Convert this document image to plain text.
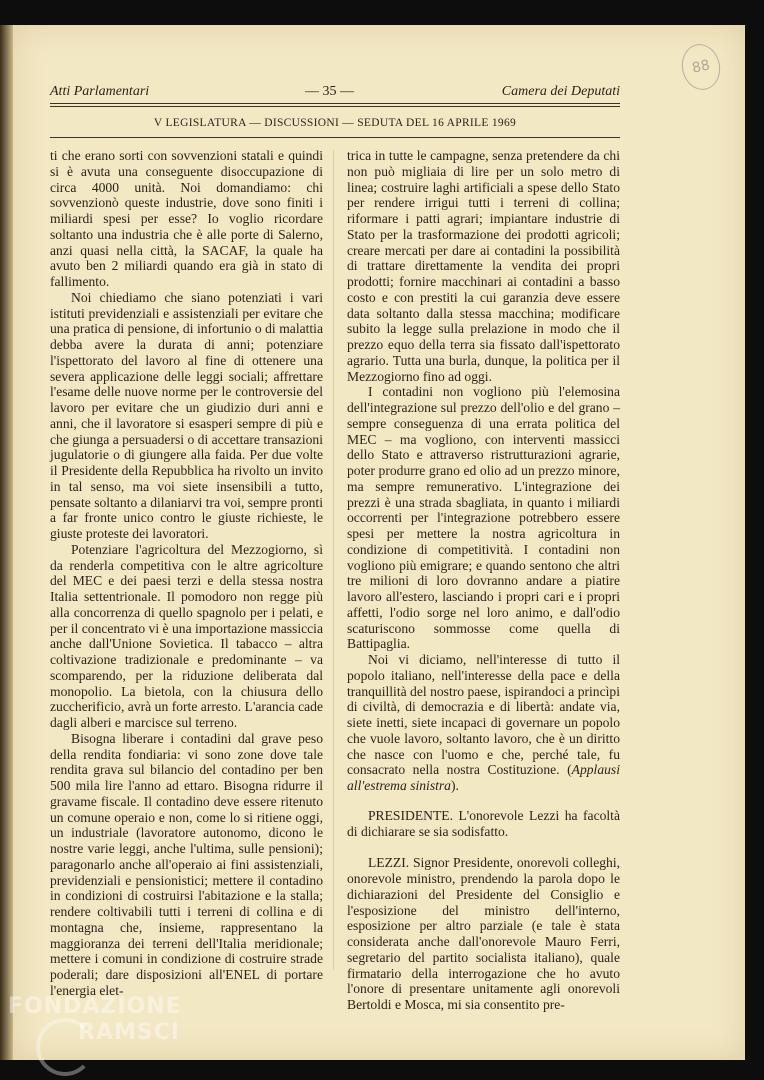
88
Atti Parlamentari	— 35 —	Camera dei Deputati
V LEGISLATURA — DISCUSSIONI — SEDUTA DEL 16 APRILE 1969

ti che erano sorti con sovvenzioni statali e quindi si è avuta una conseguente disoccupazione di circa 4000 unità. Noi domandiamo: chi sovvenzionò queste industrie, dove sono finiti i miliardi spesi per esse? Io voglio ricordare soltanto una industria che è alle porte di Salerno, anzi quasi nella città, la SACAF, la quale ha avuto ben 2 miliardi quando era già in stato di fallimento.

Noi chiediamo che siano potenziati i vari istituti previdenziali e assistenziali per evitare che una pratica di pensione, di infortunio o di malattia debba avere la durata di anni; potenziare l'ispettorato del lavoro al fine di ottenere una severa applicazione delle leggi sociali; affrettare l'esame delle nuove norme per le controversie del lavoro per evitare che un giudizio duri anni e anni, che il lavoratore si esasperi sempre di più e che giunga a persuadersi o di accettare transazioni jugulatorie o di giungere alla faida. Per due volte il Presidente della Repubblica ha rivolto un invito in tal senso, ma voi siete insensibili a tutto, pensate soltanto a dilaniarvi tra voi, sempre pronti a far fronte unico contro le giuste richieste, le giuste proteste dei lavoratori.

Potenziare l'agricoltura del Mezzogiorno, sì da renderla competitiva con le altre agricolture del MEC e dei paesi terzi e della stessa nostra Italia settentrionale. Il pomodoro non regge più alla concorrenza di quello spagnolo per i pelati, e per il concentrato vi è una importazione massiccia anche dall'Unione Sovietica. Il tabacco – altra coltivazione tradizionale e predominante – va scomparendo, per la riduzione deliberata dal monopolio. La bietola, con la chiusura dello zuccherificio, avrà un forte arresto. L'arancia cade dagli alberi e marcisce sul terreno.

Bisogna liberare i contadini dal grave peso della rendita fondiaria: vi sono zone dove tale rendita grava sul bilancio del contadino per ben 500 mila lire l'anno ad ettaro. Bisogna ridurre il gravame fiscale. Il contadino deve essere ritenuto un comune operaio e non, come lo si ritiene oggi, un industriale (lavoratore autonomo, dicono le nostre varie leggi, anche l'ultima, sulle pensioni); paragonarlo anche all'operaio ai fini assistenziali, previdenziali e pensionistici; mettere il contadino in condizioni di costruirsi l'abitazione e la stalla; rendere coltivabili tutti i terreni di collina e di montagna che, insieme, rappresentano la maggioranza dei terreni dell'Italia meridionale; mettere i comuni in condizione di costruire strade poderali; dare disposizioni all'ENEL di portare l'energia elet-

trica in tutte le campagne, senza pretendere da chi non può migliaia di lire per un solo metro di linea; costruire laghi artificiali a spese dello Stato per rendere irrigui tutti i terreni di collina; riformare i patti agrari; impiantare industrie di Stato per la trasformazione dei prodotti agricoli; creare mercati per dare ai contadini la possibilità di trattare direttamente la vendita dei propri prodotti; fornire macchinari ai contadini a basso costo e con prestiti la cui garanzia deve essere data soltanto dalla stessa macchina; modificare subito la legge sulla prelazione in modo che il prezzo equo della terra sia fissato dall'ispettorato agrario. Tutta una burla, dunque, la politica per il Mezzogiorno fino ad oggi.

I contadini non vogliono più l'elemosina dell'integrazione sul prezzo dell'olio e del grano – sempre conseguenza di una errata politica del MEC – ma vogliono, con interventi massicci dello Stato e attraverso ristrutturazioni agrarie, poter produrre grano ed olio ad un prezzo minore, ma sempre remunerativo. L'integrazione dei prezzi è una strada sbagliata, in quanto i miliardi occorrenti per l'integrazione potrebbero essere spesi per mettere la nostra agricoltura in condizione di competitività. I contadini non vogliono più emigrare; e quando sentono che altri tre milioni di loro dovranno andare a piatire lavoro all'estero, lasciando i propri cari e i propri affetti, l'odio sorge nel loro animo, e dall'odio scaturiscono sommosse come quella di Battipaglia.

Noi vi diciamo, nell'interesse di tutto il popolo italiano, nell'interesse della pace e della tranquillità del nostro paese, ispirandoci a princìpi di civiltà, di democrazia e di libertà: andate via, siete inetti, siete incapaci di governare un popolo che vuole lavoro, soltanto lavoro, che è un diritto che nasce con l'uomo e che, perché tale, fu consacrato nella nostra Costituzione. (Applausi all'estrema sinistra).

PRESIDENTE. L'onorevole Lezzi ha facoltà di dichiarare se sia sodisfatto.

LEZZI. Signor Presidente, onorevoli colleghi, onorevole ministro, prendendo la parola dopo le dichiarazioni del Presidente del Consiglio e l'esposizione del ministro dell'interno, esposizione per altro parziale (e tale è stata considerata anche dall'onorevole Mauro Ferri, segretario del partito socialista italiano), quale firmatario della interrogazione che ho avuto l'onore di presentare unitamente agli onorevoli Bertoldi e Mosca, mi sia consentito pre-

FONDAZIONE
RAMSCI
